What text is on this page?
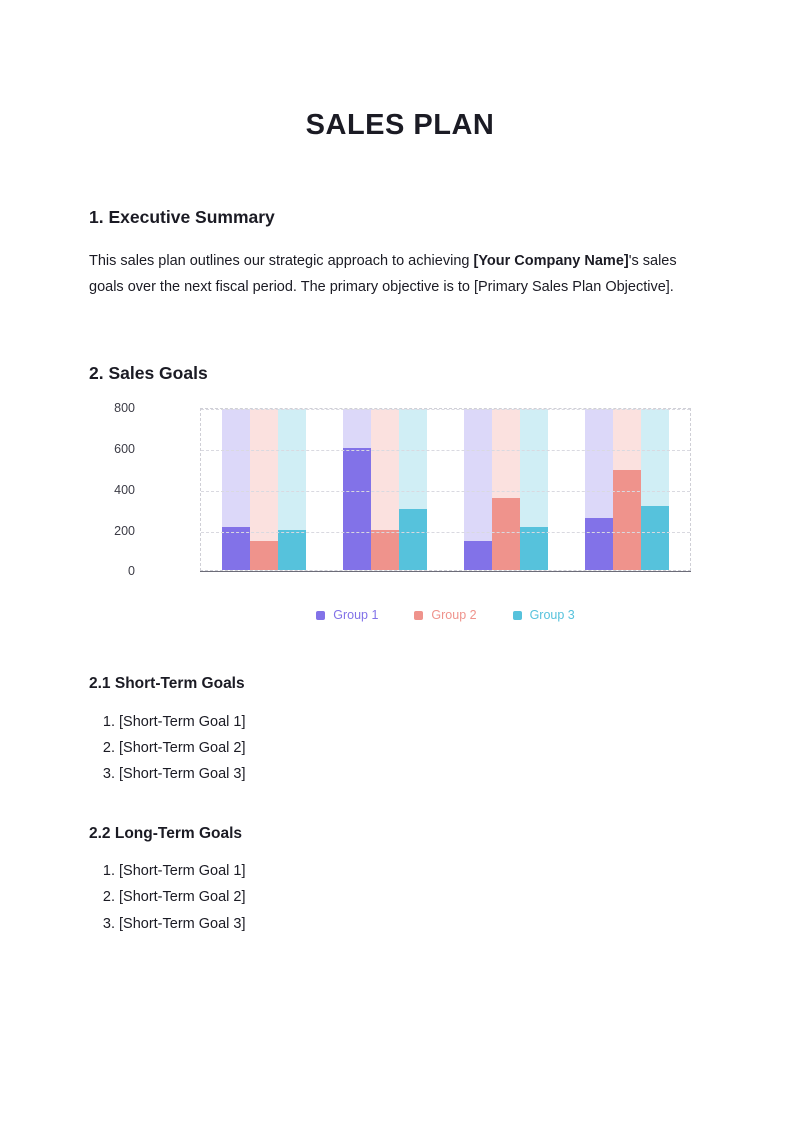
SALES PLAN
1. Executive Summary

This sales plan outlines our strategic approach to achieving [Your Company Name]'s sales goals over the next fiscal period. The primary objective is to [Primary Sales Plan Objective].

2. Sales Goals
0
200
400
600
800
Group 1	Group 2	Group 3
2.1 Short-Term Goals
1. [Short-Term Goal 1]
2. [Short-Term Goal 2]
3. [Short-Term Goal 3]
2.2 Long-Term Goals
1. [Short-Term Goal 1]
2. [Short-Term Goal 2]
3. [Short-Term Goal 3]
